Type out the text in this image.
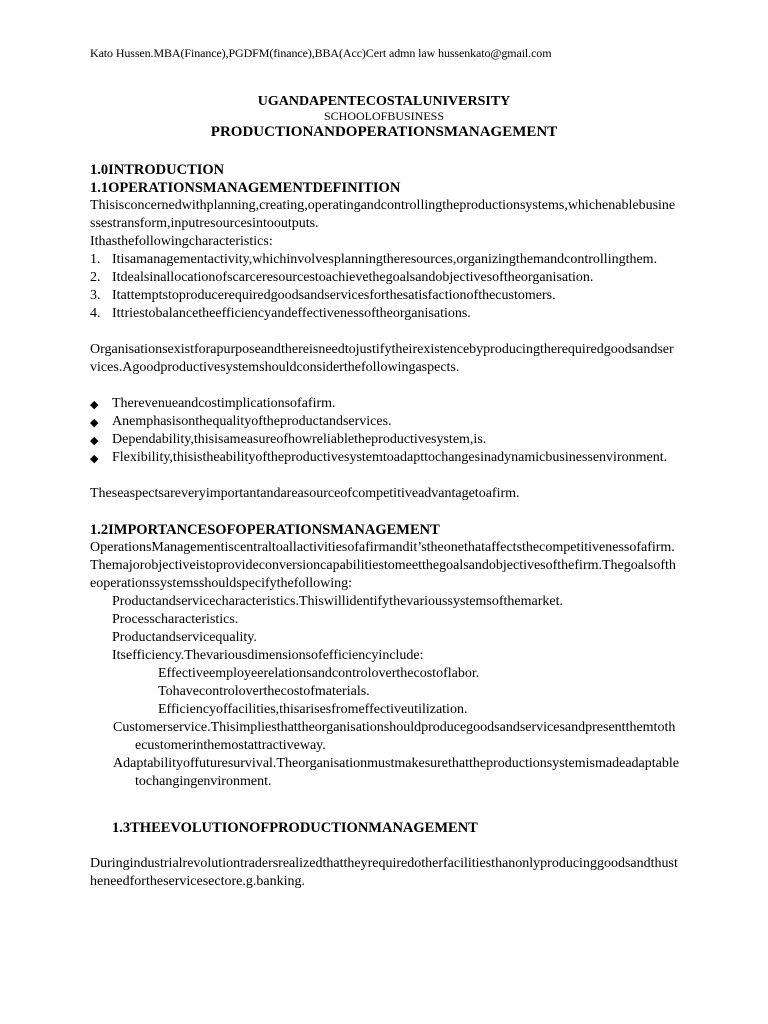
Kato Hussen.MBA(Finance),PGDFM(finance),BBA(Acc)Cert admn law hussenkato@gmail.com
UGANDAPENTECOSTALUNIVERSITY
SCHOOLOFBUSINESS
PRODUCTIONANDOPERATIONSMANAGEMENT
1.0INTRODUCTION
1.1OPERATIONSMANAGEMENTDEFINITION

Thisisconcernedwithplanning,creating,operatingandcontrollingtheproductionsystems,whichenablebusinessestransform,inputresourcesintooutputs.

Ithasthefollowingcharacteristics:

1. Itisamanagementactivity,whichinvolvesplanningtheresources,organizingthemandcontrollingthem.
2. Itdealsinallocationofscarceresourcestoachievethegoalsandobjectivesoftheorganisation.
3. Itattemptstoproducerequiredgoodsandservicesforthesatisfactionofthecustomers.
4. Ittriestobalancetheefficiencyandeffectivenessoftheorganisations.

Organisationsexistforapurposeandthereisneedtojustifytheirexistencebyproducingtherequiredgoodsandservices.Agoodproductivesystemshouldconsiderthefollowingaspects.

◆ Therevenueandcostimplicationsofafirm.
◆ Anemphasisonthequalityoftheproductandservices.
◆ Dependability,thisisameasureofhowreliabletheproductivesystem,is.
◆ Flexibility,thisistheabilityoftheproductivesystemtoadapttochangesinadynamicbusinessenvironment.

Theseaspectsareveryimportantandareasourceofcompetitiveadvantagetoafirm.

1.2IMPORTANCESOFOPERATIONSMANAGEMENT

OperationsManagementiscentraltoallactivitiesofafirmandit’stheonethataffectsthecompetitivenessofafirm.Themajorobjectiveistoprovideconversioncapabilitiestomeetthegoalsandobjectivesofthefirm.Thegoalsoftheoperationssystemsshouldspecifythefollowing:

Productandservicecharacteristics.Thiswillidentifythevarioussystemsofthemarket.

Processcharacteristics.

Productandservicequality.

Itsefficiency.Thevariousdimensionsofefficiencyinclude:

Effectiveemployeerelationsandcontroloverthecostoflabor.

Tohavecontroloverthecostofmaterials.

Efficiencyoffacilities,thisarisesfromeffectiveutilization.

Customerservice.Thisimpliesthattheorganisationshouldproducegoodsandservicesandpresentthemtothecustomerinthemostattractiveway.

Adaptabilityoffuturesurvival.Theorganisationmustmakesurethattheproductionsystemismadeadaptabletochangingenvironment.

1.3THEEVOLUTIONOFPRODUCTIONMANAGEMENT

Duringindustrialrevolutiontradersrealizedthattheyrequiredotherfacilitiesthanonlyproducinggoodsandthustheneedfortheservicesectore.g.banking.
